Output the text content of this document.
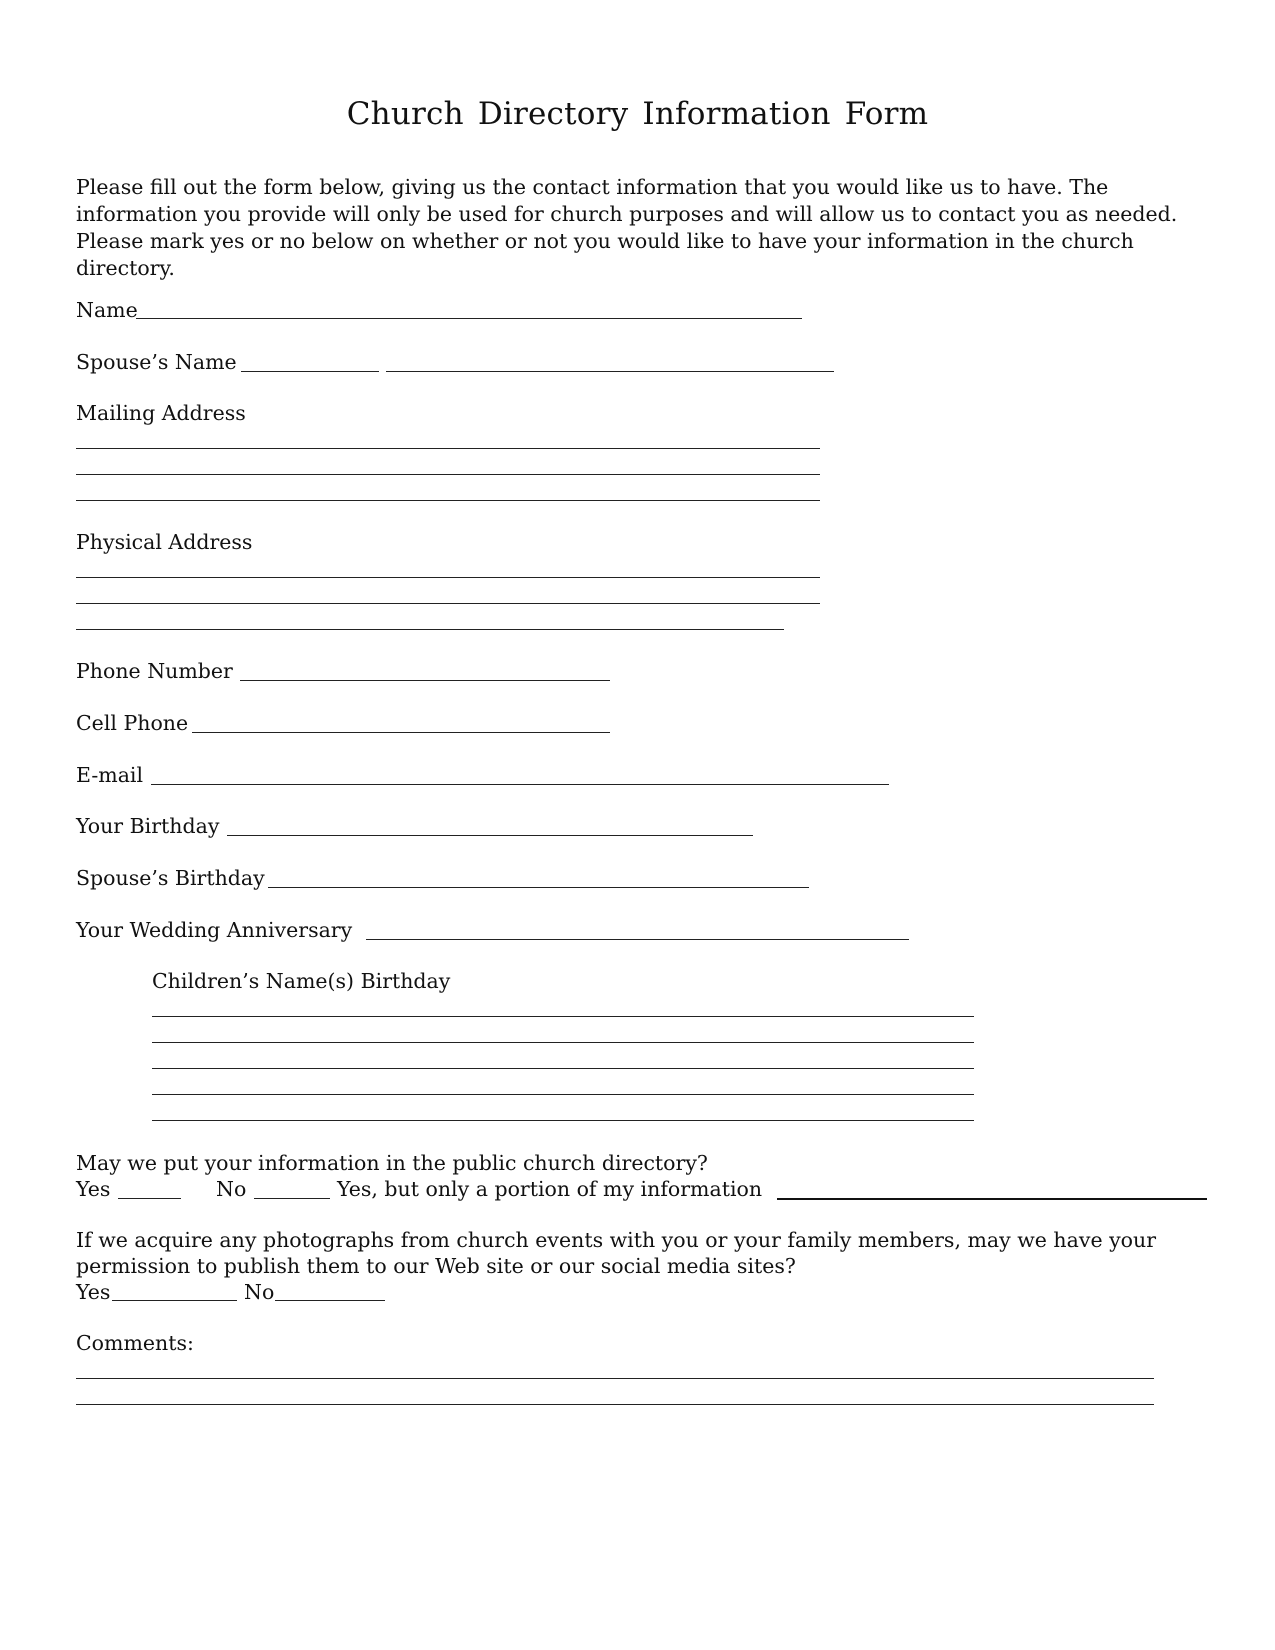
Church Directory Information Form

Please fill out the form below, giving us the contact information that you would like us to have. The information you provide will only be used for church purposes and will allow us to contact you as needed. Please mark yes or no below on whether or not you would like to have your information in the church directory.

Name
Spouse’s Name
Mailing Address
Physical Address
Phone Number
Cell Phone
E-mail
Your Birthday
Spouse’s Birthday
Your Wedding Anniversary
Children’s Name(s) Birthday
May we put your information in the public church directory?
Yes	No	Yes, but only a portion of my information
If we acquire any photographs from church events with you or your family members, may we have your
permission to publish them to our Web site or our social media sites?
Yes	No
Comments:
